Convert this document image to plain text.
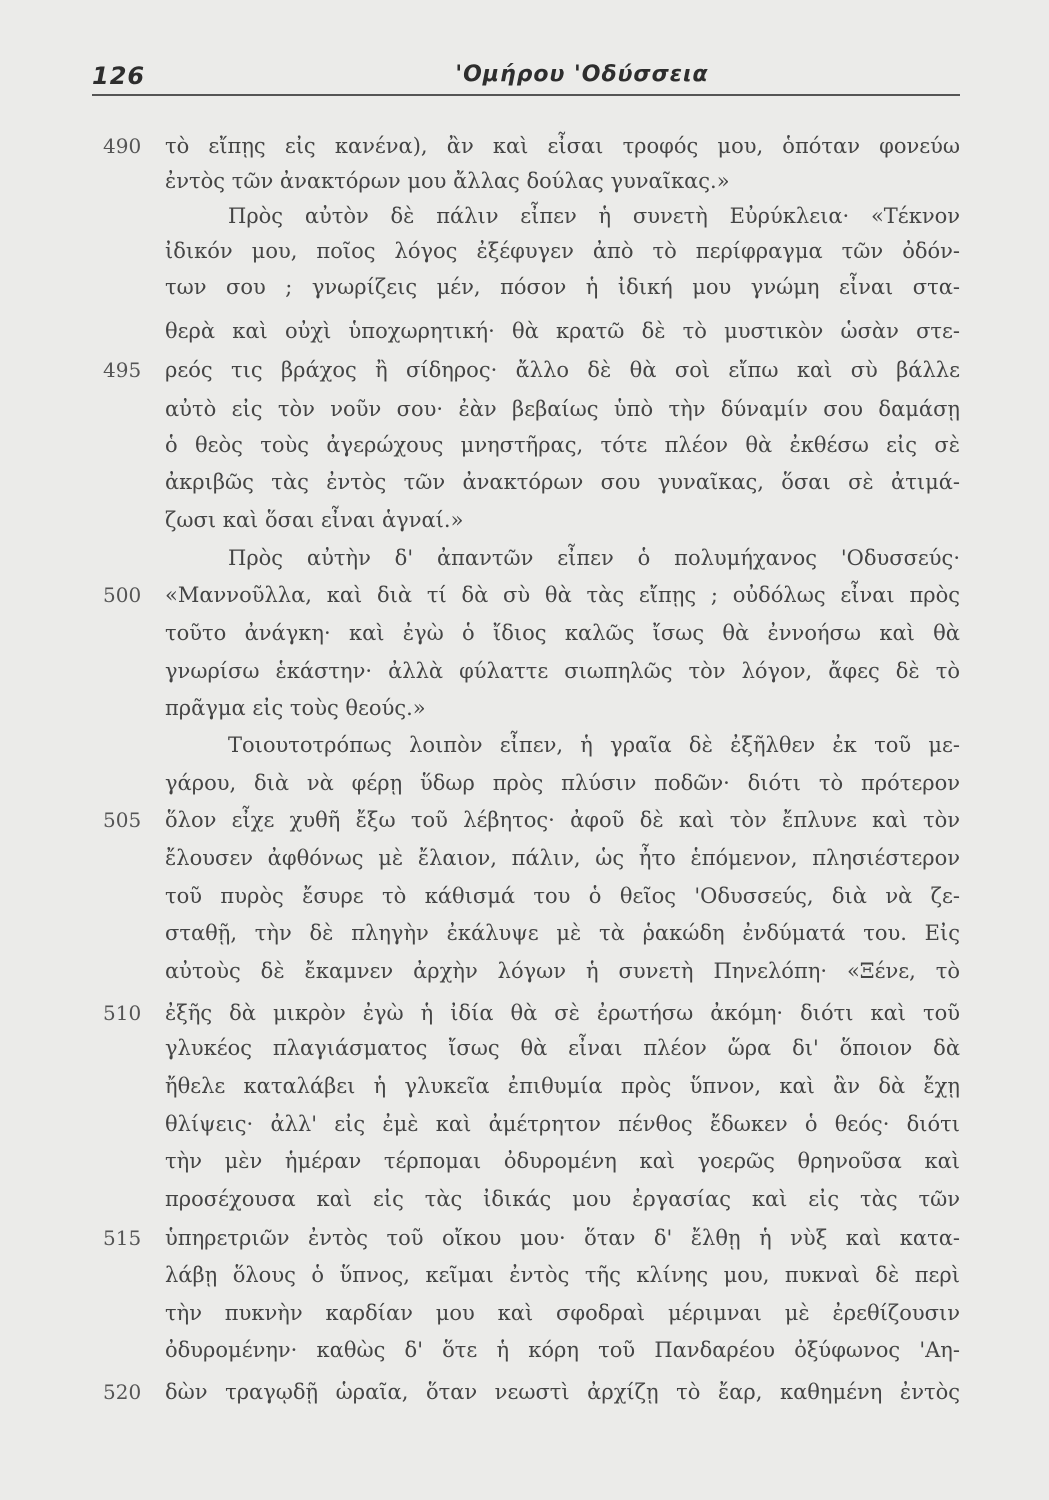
126	'Ομήρου 'Οδύσσεια
490
495
500
505
510
515
520
τὸ εἴπῃς εἰς κανένα), ἂν καὶ εἶσαι τροφός μου, ὁπόταν φονεύω
ἐντὸς τῶν ἀνακτόρων μου ἄλλας δούλας γυναῖκας.»
Πρὸς αὐτὸν δὲ πάλιν εἶπεν ἡ συνετὴ Εὐρύκλεια· «Τέκνον
ἰδικόν μου, ποῖος λόγος ἐξέφυγεν ἀπὸ τὸ περίφραγμα τῶν ὀδόν-
των σου ; γνωρίζεις μέν, πόσον ἡ ἰδική μου γνώμη εἶναι στα-
θερὰ καὶ οὐχὶ ὑποχωρητική· θὰ κρατῶ δὲ τὸ μυστικὸν ὡσὰν στε-
ρεός τις βράχος ἢ σίδηρος· ἄλλο δὲ θὰ σοὶ εἴπω καὶ σὺ βάλλε
αὐτὸ εἰς τὸν νοῦν σου· ἐὰν βεβαίως ὑπὸ τὴν δύναμίν σου δαμάσῃ
ὁ θεὸς τοὺς ἀγερώχους μνηστῆρας, τότε πλέον θὰ ἐκθέσω εἰς σὲ
ἀκριβῶς τὰς ἐντὸς τῶν ἀνακτόρων σου γυναῖκας, ὅσαι σὲ ἀτιμά-
ζωσι καὶ ὅσαι εἶναι ἁγναί.»
Πρὸς αὐτὴν δ' ἀπαντῶν εἶπεν ὁ πολυμήχανος 'Οδυσσεύς·
«Μαννοῦλλα, καὶ διὰ τί δὰ σὺ θὰ τὰς εἴπῃς ; οὐδόλως εἶναι πρὸς
τοῦτο ἀνάγκη· καὶ ἐγὼ ὁ ἴδιος καλῶς ἴσως θὰ ἐννοήσω καὶ θὰ
γνωρίσω ἑκάστην· ἀλλὰ φύλαττε σιωπηλῶς τὸν λόγον, ἄφες δὲ τὸ
πρᾶγμα εἰς τοὺς θεούς.»
Τοιουτοτρόπως λοιπὸν εἶπεν, ἡ γραῖα δὲ ἐξῆλθεν ἐκ τοῦ με-
γάρου, διὰ νὰ φέρῃ ὕδωρ πρὸς πλύσιν ποδῶν· διότι τὸ πρότερον
ὅλον εἶχε χυθῆ ἔξω τοῦ λέβητος· ἀφοῦ δὲ καὶ τὸν ἔπλυνε καὶ τὸν
ἔλουσεν ἀφθόνως μὲ ἔλαιον, πάλιν, ὡς ἦτο ἑπόμενον, πλησιέστερον
τοῦ πυρὸς ἔσυρε τὸ κάθισμά του ὁ θεῖος 'Οδυσσεύς, διὰ νὰ ζε-
σταθῇ, τὴν δὲ πληγὴν ἐκάλυψε μὲ τὰ ῥακώδη ἐνδύματά του. Εἰς
αὐτοὺς δὲ ἔκαμνεν ἀρχὴν λόγων ἡ συνετὴ Πηνελόπη· «Ξένε, τὸ
ἐξῆς δὰ μικρὸν ἐγὼ ἡ ἰδία θὰ σὲ ἐρωτήσω ἀκόμη· διότι καὶ τοῦ
γλυκέος πλαγιάσματος ἴσως θὰ εἶναι πλέον ὥρα δι' ὅποιον δὰ
ἤθελε καταλάβει ἡ γλυκεῖα ἐπιθυμία πρὸς ὕπνον, καὶ ἂν δὰ ἔχῃ
θλίψεις· ἀλλ' εἰς ἐμὲ καὶ ἀμέτρητον πένθος ἔδωκεν ὁ θεός· διότι
τὴν μὲν ἡμέραν τέρπομαι ὀδυρομένη καὶ γοερῶς θρηνοῦσα καὶ
προσέχουσα καὶ εἰς τὰς ἰδικάς μου ἐργασίας καὶ εἰς τὰς τῶν
ὑπηρετριῶν ἐντὸς τοῦ οἴκου μου· ὅταν δ' ἔλθῃ ἡ νὺξ καὶ κατα-
λάβῃ ὅλους ὁ ὕπνος, κεῖμαι ἐντὸς τῆς κλίνης μου, πυκναὶ δὲ περὶ
τὴν πυκνὴν καρδίαν μου καὶ σφοδραὶ μέριμναι μὲ ἐρεθίζουσιν
ὀδυρομένην· καθὼς δ' ὅτε ἡ κόρη τοῦ Πανδαρέου ὀξύφωνος 'Αη-
δὼν τραγῳδῇ ὡραῖα, ὅταν νεωστὶ ἀρχίζῃ τὸ ἔαρ, καθημένη ἐντὸς
